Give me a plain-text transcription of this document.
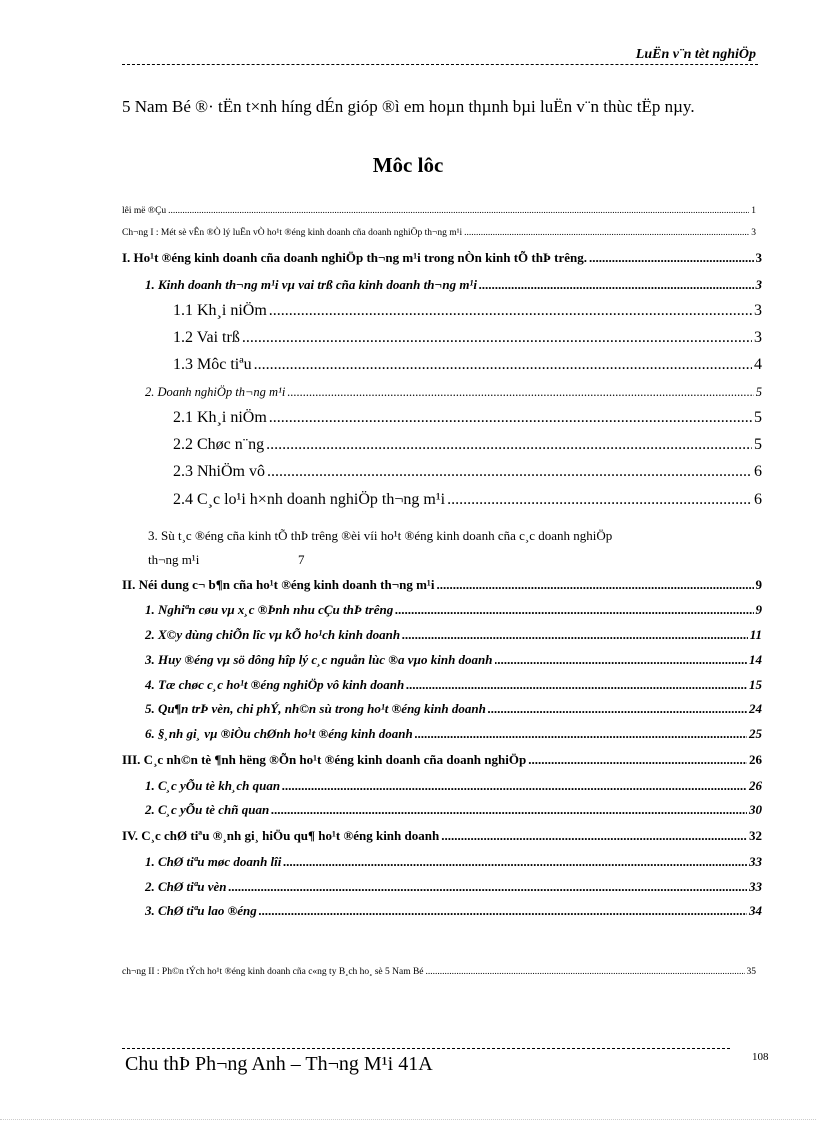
LuËn v¨n tèt nghiÖp
5 Nam Bé ®· tËn t×nh híng dÉn gióp ®ì em hoµn thµnh bµi luËn v¨n thùc tËp nµy.
Môc lôc
lêi më ®Çu .....	1
Ch¬ng I : Mét sè vÊn ®Ò lý luËn vÒ ho¹t ®éng kinh doanh cña doanh nghiÖp th¬ng m¹i .....	3
I. Ho¹t ®éng kinh doanh cña doanh nghiÖp th¬ng m¹i trong nÒn kinh tÕ thÞ trêng. .....	3
1. Kinh doanh th¬ng m¹i vµ vai trß cña kinh doanh th¬ng m¹i .....	3
1.1 Kh¸i niÖm .....	3
1.2 Vai trß .....	3
1.3 Môc tiªu .....	4
2. Doanh nghiÖp th¬ng m¹i .....	5
2.1 Kh¸i niÖm .....	5
2.2 Chøc n¨ng .....	5
2.3 NhiÖm vô .....	6
2.4 C¸c lo¹i h×nh doanh nghiÖp th¬ng m¹i .....	6
3. Sù t¸c ®éng cña kinh tÕ thÞ trêng ®èi víi ho¹t ®éng kinh doanh cña c¸c doanh nghiÖp
th¬ng m¹i	7
II. Néi dung c¬ b¶n cña ho¹t ®éng kinh doanh th¬ng m¹i .....	9
1. Nghiªn cøu vµ x¸c ®Þnh nhu cÇu thÞ trêng .....	9
2. X©y dùng chiÕn lîc vµ kÕ ho¹ch kinh doanh .....	11
3. Huy ®éng vµ sö dông hîp lý c¸c nguån lùc ®a vµo kinh doanh .....	14
4. Tæ chøc c¸c ho¹t ®éng nghiÖp vô kinh doanh .....	15
5. Qu¶n trÞ vèn, chi phÝ, nh©n sù trong ho¹t ®éng kinh doanh .....	24
6. §¸nh gi¸ vµ ®iÒu chØnh ho¹t ®éng kinh doanh .....	25
III. C¸c nh©n tè ¶nh hëng ®Õn ho¹t ®éng kinh doanh cña doanh nghiÖp .....	26
1. C¸c yÕu tè kh¸ch quan .....	26
2. C¸c yÕu tè chñ quan .....	30
IV. C¸c chØ tiªu ®¸nh gi¸ hiÖu qu¶ ho¹t ®éng kinh doanh .....	32
1. ChØ tiªu møc doanh lîi .....	33
2. ChØ tiªu vèn .....	33
3. ChØ tiªu lao ®éng .....	34
ch¬ng II : Ph©n tÝch ho¹t ®éng kinh doanh cña c«ng ty B¸ch ho¸ sè 5 Nam Bé .....	35
Chu thÞ Ph¬ng Anh – Th¬ng M¹i 41A	108
